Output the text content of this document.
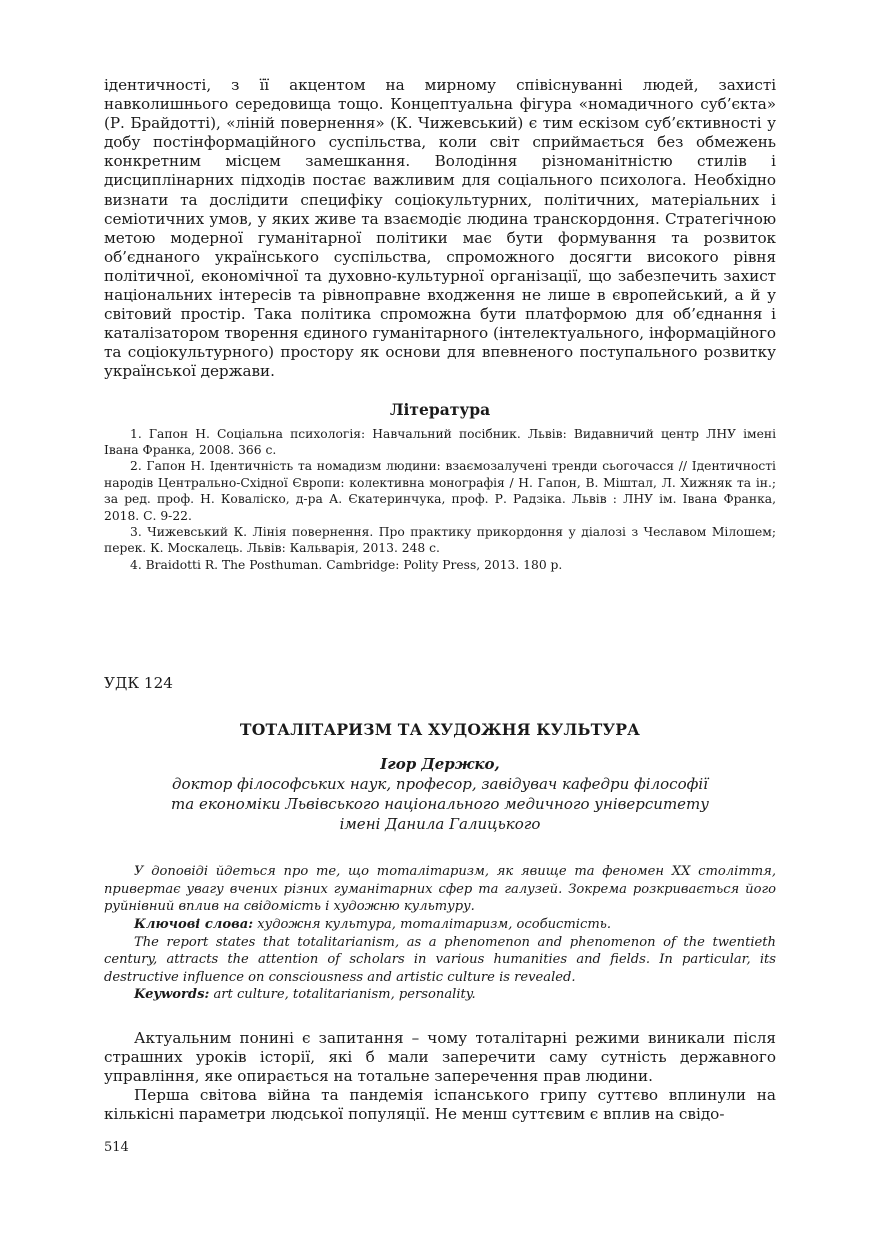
ідентичності, з її акцентом на мирному співіснуванні людей, захисті навколишнього середовища тощо. Концептуальна фігура «номадичного суб’єкта» (Р. Брайдотті), «ліній повернення» (К. Чижевський) є тим ескізом суб’єктивності у добу постінформаційного суспільства, коли світ сприймається без обмежень конкретним місцем замешкання. Володіння різноманітністю стилів і дисциплінарних підходів постає важливим для соціального психолога. Необхідно визнати та дослідити специфіку соціокультурних, політичних, матеріальних і семіотичних умов, у яких живе та взаємодіє людина транскордоння. Стратегічною метою модерної гуманітарної політики має бути формування та розвиток об’єднаного українського суспільства, спроможного досягти високого рівня політичної, економічної та духовно-культурної організації, що забезпечить захист національних інтересів та рівноправне входження не лише в європейський, а й у світовий простір. Така політика спроможна бути платформою для об’єднання і каталізатором творення єдиного гуманітарного (інтелектуального, інформаційного та соціокультурного) простору як основи для впевненого поступального розвитку української держави.

Література
1. Гапон Н. Соціальна психологія: Навчальний посібник. Львів: Видавничий центр ЛНУ імені Івана Франка, 2008. 366 с.
2. Гапон Н. Ідентичність та номадизм людини: взаємозалучені тренди сьогочасся // Ідентичності народів Центрально-Східної Європи: колективна монографія / Н. Гапон, В. Міштал, Л. Хижняк та ін.; за ред. проф. Н. Коваліско, д-ра А. Єкатеринчука, проф. Р. Радзіка. Львів : ЛНУ ім. Івана Франка, 2018. С. 9-22.
3. Чижевський К. Лінія повернення. Про практику прикордоння у діалозі з Чеславом Мілошем; перек. К. Москалець. Львів: Кальварія, 2013. 248 с.
4. Braidotti R. The Posthuman. Cambridge: Polity Press, 2013. 180 р.
УДК 124
ТОТАЛІТАРИЗМ ТА ХУДОЖНЯ КУЛЬТУРА
Ігор Держко,

доктор філософських наук, професор, завідувач кафедри філософії

та економіки Львівського національного медичного університету

імені Данила Галицького

У доповіді йдеться про те, що тоталітаризм, як явище та феномен ХХ століття, привертає увагу вчених різних гуманітарних сфер та галузей. Зокрема розкривається його руйнівний вплив на свідомість і художню культуру.

Ключові слова: художня культура, тоталітаризм, особистість.

The report states that totalitarianism, as a phenomenon and phenomenon of the twentieth century, attracts the attention of scholars in various humanities and fields. In particular, its destructive influence on consciousness and artistic culture is revealed.

Keywords: art culture, totalitarianism, personality.

Актуальним понині є запитання – чому тоталітарні режими виникали після страшних уроків історії, які б мали заперечити саму сутність державного управління, яке опирається на тотальне заперечення прав людини.

Перша світова війна та пандемія іспанського грипу суттєво вплинули на кількісні параметри людської популяції. Не менш суттєвим є вплив на свідо-

514
